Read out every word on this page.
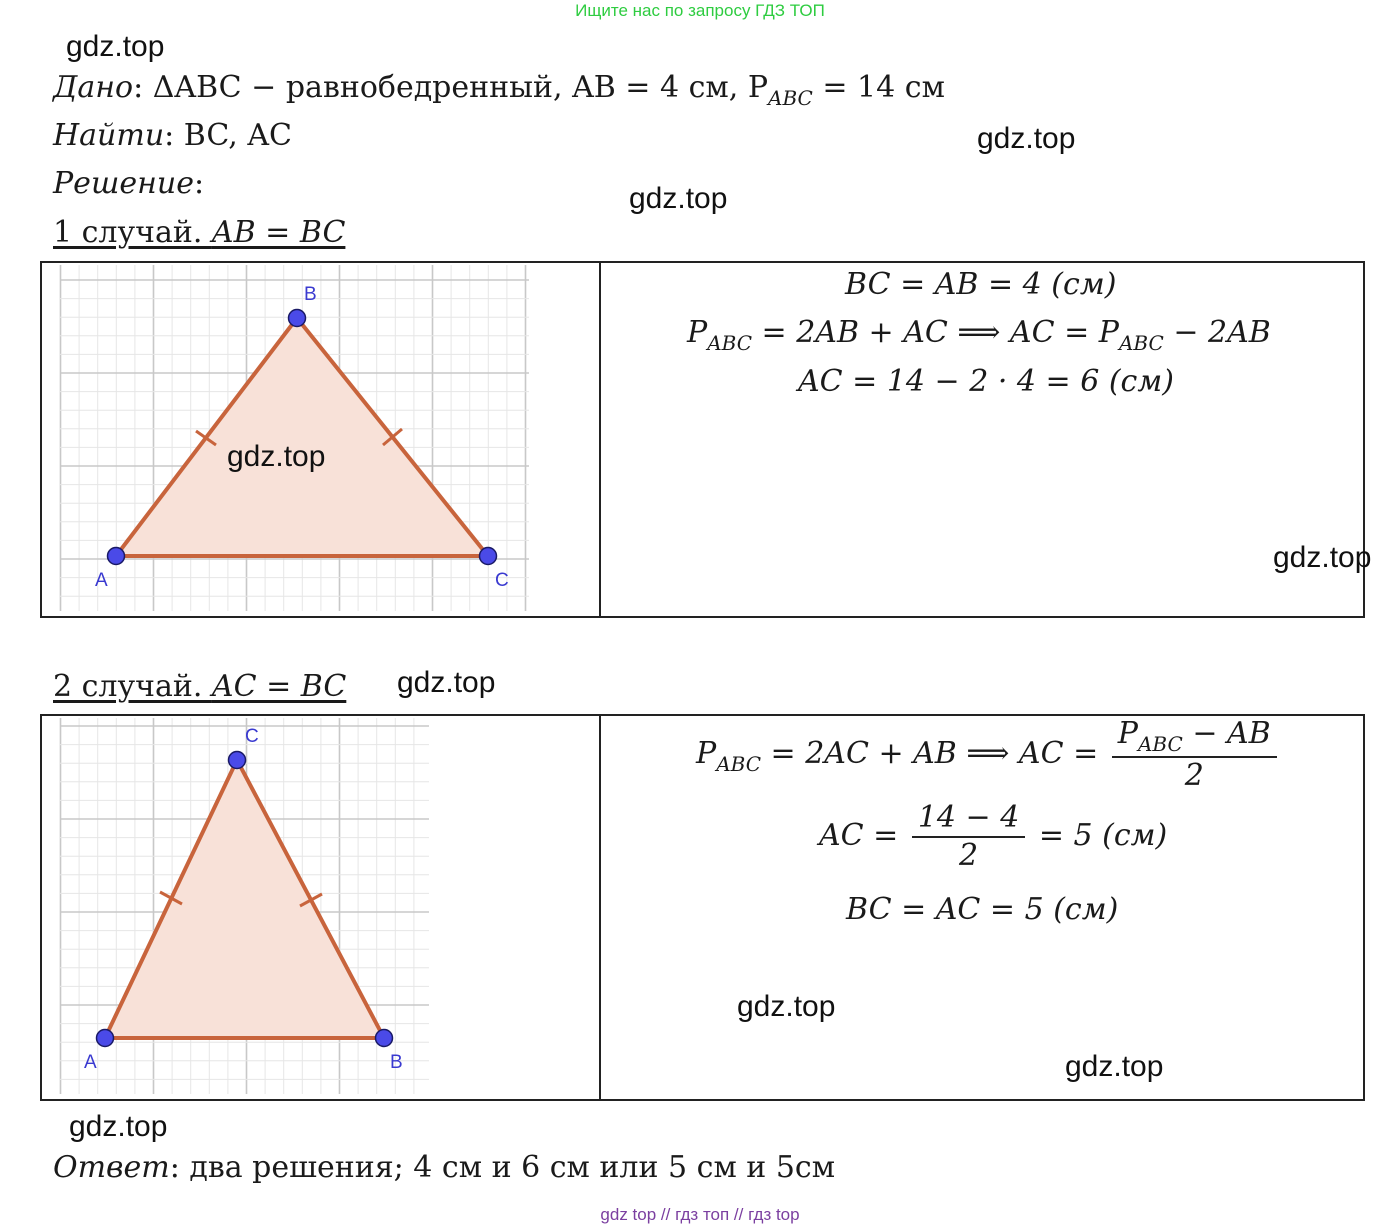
Ищите нас по запросу ГДЗ ТОП
gdz.top
gdz.top
gdz.top
gdz.top
gdz.top
Дано: ΔABC − равнобедренный, AB = 4 см, $P_{ABC} = 14$ см
Найти: BC, AC
Решение:
1 случай. AB = BC
B
A	C
gdz.top
BC = AB = 4 (см)
$P_{ABC} = 2AB$ + AC ⟹ AC = $P_{ABC} - 2AB$
AC = 14 − 2 · 4 = 6 (см)
gdz.top
2 случай. AC = BC
C
A	B
$P_{ABC} = 2AC$ + AB ⟹ AC = $\frac{P_{ABC} - AB}{2}$
AC = $\frac{14 - 4}{2} = 5$ (см)
BC = AC = 5 (см)
gdz.top
gdz.top
Ответ: два решения; 4 см и 6 см или 5 см и 5см
gdz top // гдз топ // гдз top
